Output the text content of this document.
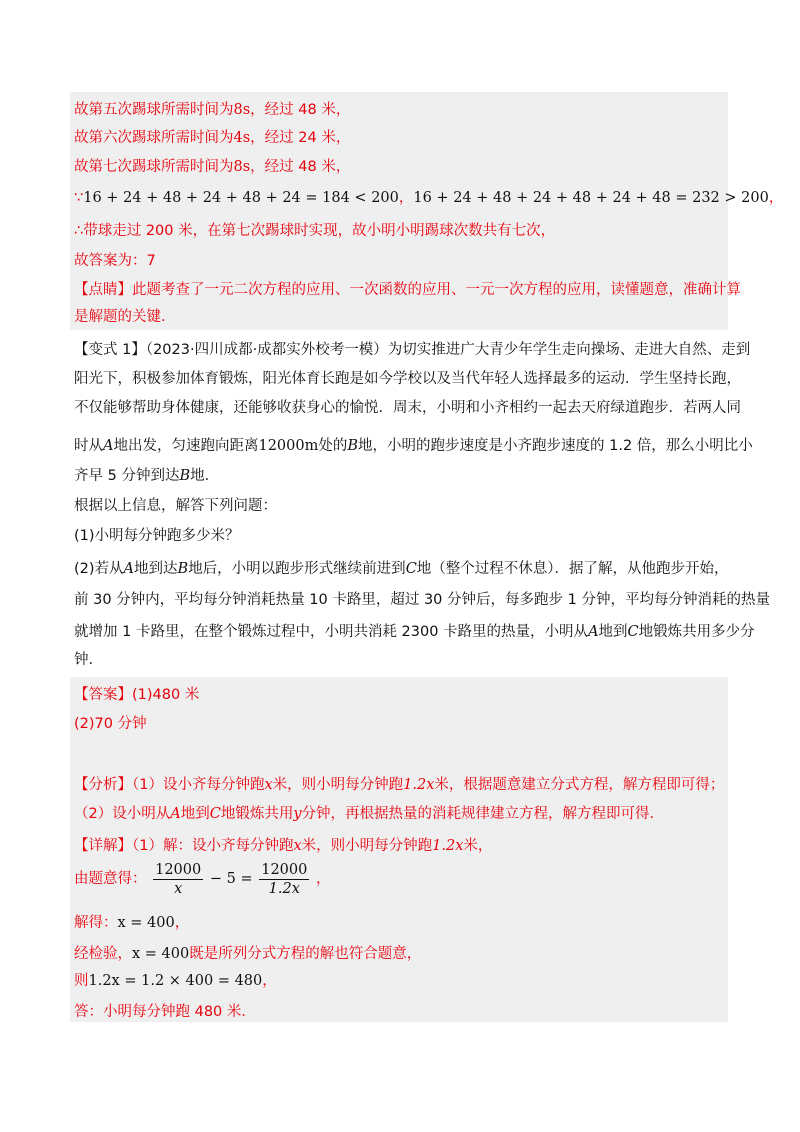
故第五次踢球所需时间为8s，经过 48 米，
故第六次踢球所需时间为4s，经过 24 米，
故第七次踢球所需时间为8s，经过 48 米，
∵16 + 24 + 48 + 24 + 48 + 24 = 184 < 200，16 + 24 + 48 + 24 + 48 + 24 + 48 = 232 > 200，
∴带球走过 200 米，在第七次踢球时实现，故小明小明踢球次数共有七次，
故答案为：7
【点睛】此题考查了一元二次方程的应用、一次函数的应用、一元一次方程的应用，读懂题意，准确计算
是解题的关键．
【变式 1】（2023·四川成都·成都实外校考一模）为切实推进广大青少年学生走向操场、走进大自然、走到
阳光下，积极参加体育锻炼，阳光体育长跑是如今学校以及当代年轻人选择最多的运动．学生坚持长跑，
不仅能够帮助身体健康，还能够收获身心的愉悦．周末，小明和小齐相约一起去天府绿道跑步．若两人同
时从A地出发，匀速跑向距离12000m处的B地，小明的跑步速度是小齐跑步速度的 1.2 倍，那么小明比小
齐早 5 分钟到达B地．
根据以上信息，解答下列问题：
(1)小明每分钟跑多少米？
(2)若从A地到达B地后，小明以跑步形式继续前进到C地（整个过程不休息）．据了解，从他跑步开始，
前 30 分钟内，平均每分钟消耗热量 10 卡路里，超过 30 分钟后，每多跑步 1 分钟，平均每分钟消耗的热量
就增加 1 卡路里，在整个锻炼过程中，小明共消耗 2300 卡路里的热量，小明从A地到C地锻炼共用多少分
钟．
【答案】(1)480 米
(2)70 分钟
【分析】（1）设小齐每分钟跑x米，则小明每分钟跑1.2x米，根据题意建立分式方程，解方程即可得；
（2）设小明从A地到C地锻炼共用y分钟，再根据热量的消耗规律建立方程，解方程即可得．
【详解】（1）解：设小齐每分钟跑x米，则小明每分钟跑1.2x米，
由题意得： $\frac{12000}{x} - 5 = \frac{12000}{1.2x}$ ，
解得：x = 400，
经检验，x = 400既是所列分式方程的解也符合题意，
则1.2x = 1.2 × 400 = 480，
答：小明每分钟跑 480 米．
